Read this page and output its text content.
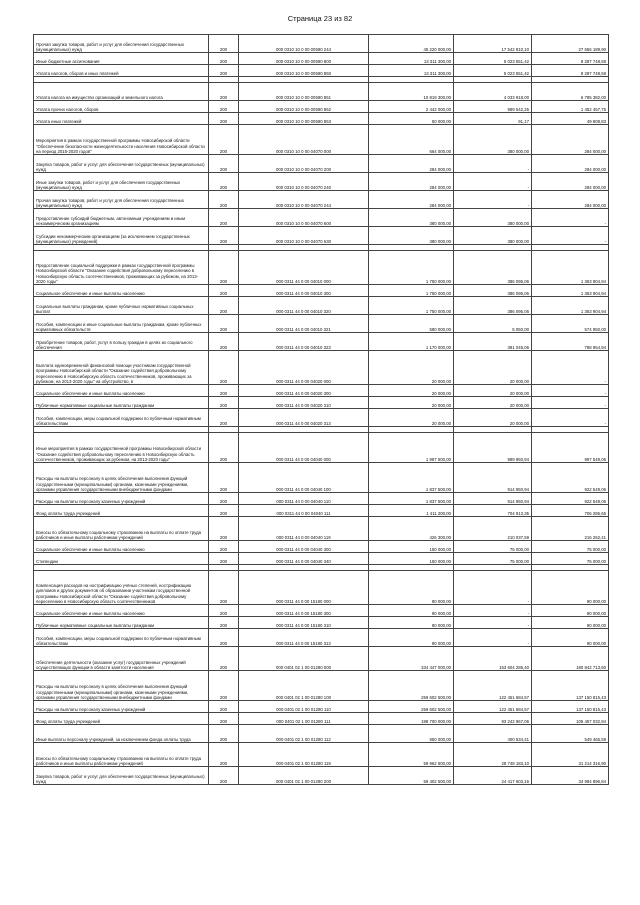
Страница 23 из 82
Прочая закупка товаров, работ и услуг для обеспечения государственных (муниципальных) нужд	200	000 0310 10 0 00 00590 244	45 220 000,00	17 542 810,10	27 656 189,90
Иные бюджетные ассигнования	200	000 0310 10 0 00 00590 800	13 311 300,00	5 023 551,42	8 287 748,58
Уплата налогов, сборов и иных платежей	200	000 0310 10 0 00 00590 850	13 311 300,00	5 023 551,42	8 287 748,58

Уплата налога на имущество организаций и земельного налога	200	000 0310 10 0 00 00590 851	10 819 300,00	4 033 918,00	6 785 382,00
Уплата прочих налогов, сборов	200	000 0310 10 0 00 00590 852	2 442 000,00	989 542,25	1 452 457,75
Уплата иных платежей	200	000 0310 10 0 00 00590 853	50 000,00	91,17	49 908,83
Мероприятия в рамках государственной программы Новосибирской области "Обеспечение безопасности жизнедеятельности населения Новосибирской области на период 2015-2020 годов"	200	000 0310 10 0 00 04070 000	664 000,00	380 000,00	284 000,00
Закупка товаров, работ и услуг для обеспечения государственных (муниципальных) нужд	200	000 0310 10 0 00 04070 200	284 000,00	-	284 000,00
Иные закупки товаров, работ и услуг для обеспечения государственных (муниципальных) нужд	200	000 0310 10 0 00 04070 240	284 000,00	-	284 000,00
Прочая закупка товаров, работ и услуг для обеспечения государственных (муниципальных) нужд	200	000 0310 10 0 00 04070 244	284 000,00	-	284 000,00
Предоставление субсидий бюджетным, автономным учреждениям и иным некоммерческим организациям	200	000 0310 10 0 00 04070 600	380 000,00	380 000,00	-
Субсидии некоммерческим организациям (за исключением государственных (муниципальных) учреждений)	200	000 0310 10 0 00 04070 630	380 000,00	380 000,00	-

Предоставление социальной поддержки в рамках государственной программы Новосибирской области "Оказание содействия добровольному переселению в Новосибирскую область соотечественников, проживающих за рубежом, на 2013-2020 годы"	200	000 0311 44 0 00 04010 000	1 750 000,00	386 095,06	1 363 904,94
Социальное обеспечение и иные выплаты населению	200	000 0311 44 0 00 04010 300	1 750 000,00	386 095,06	1 363 904,94
Социальные выплаты гражданам, кроме публичных нормативных социальных выплат	200	000 0311 44 0 00 04010 320	1 750 000,00	386 095,06	1 363 904,94
Пособия, компенсации и иные социальные выплаты гражданам, кроме публичных нормативных обязательств	200	000 0311 44 0 00 04010 321	580 000,00	5 050,00	574 950,00
Приобретение товаров, работ, услуг в пользу граждан в целях их социального обеспечения	200	000 0311 44 0 00 04010 323	1 170 000,00	381 045,06	788 954,94
Выплата единовременной финансовой помощи участникам государственной программы Новосибирской области "Оказание содействия добровольному переселению в Новосибирскую область соотечественников, проживающих за рубежом, на 2013-2020 годы" на обустройство, в	200	000 0311 44 0 00 04020 000	20 000,00	20 000,00	-
Социальное обеспечение и иные выплаты населению	200	000 0311 44 0 00 04020 300	20 000,00	20 000,00	-
Публичные нормативные социальные выплаты гражданам	200	000 0311 44 0 00 04020 310	20 000,00	20 000,00	-
Пособия, компенсации, меры социальной поддержки по публичным нормативным обязательствам	200	000 0311 44 0 00 04020 313	20 000,00	20 000,00	-

Иные мероприятия в рамках государственной программы Новосибирской области "Оказание содействия добровольному переселению в Новосибирскую область соотечественников, проживающих за рубежом, на 2013-2020 годы"	200	000 0311 44 0 00 04040 000	1 987 500,00	989 950,94	997 549,06
Расходы на выплаты персоналу в целях обеспечения выполнения функций государственными (муниципальными) органами, казенными учреждениями, органами управления государственными внебюджетными фондами	200	000 0311 44 0 00 04040 100	1 837 500,00	914 950,94	922 549,06
Расходы на выплаты персоналу казенных учреждений	200	000 0311 44 0 00 04040 110	1 837 500,00	914 950,94	922 549,06
Фонд оплаты труда учреждений	200	000 0311 44 0 00 04040 111	1 411 200,00	704 913,35	706 286,65
Взносы по обязательному социальному страхованию на выплаты по оплате труда работников и иные выплаты работникам учреждений	200	000 0311 44 0 00 04040 119	426 300,00	210 037,59	216 262,41
Социальное обеспечение и иные выплаты населению	200	000 0311 44 0 00 04040 300	150 000,00	75 000,00	75 000,00
Стипендии	200	000 0311 44 0 00 04040 340	150 000,00	75 000,00	75 000,00

Компенсация расходов на нострификацию учёных степеней, нострификацию дипломов и других документов об образовании участникам государственной программы Новосибирской области "Оказание содействия добровольному переселению в Новосибирскую область соотечественников	200	000 0311 44 0 00 15180 000	90 000,00	-	90 000,00
Социальное обеспечение и иные выплаты населению	200	000 0311 44 0 00 15180 300	90 000,00	-	90 000,00
Публичные нормативные социальные выплаты гражданам	200	000 0311 44 0 00 15180 310	90 000,00	-	90 000,00
Пособия, компенсации, меры социальной поддержки по публичным нормативным обязательствам	200	000 0311 44 0 00 15180 313	90 000,00	-	90 000,00
Обеспечение деятельности (оказание услуг) государственных учреждений осуществляющих функции в области занятости населения	200	000 0401 02 1 00 01280 000	334 447 000,00	153 604 286,40	180 842 713,60
Расходы на выплаты персоналу в целях обеспечения выполнения функций государственными (муниципальными) органами, казенными учреждениями, органами управления государственными внебюджетными фондами	200	000 0401 02 1 00 01280 100	259 602 500,00	122 451 684,57	137 150 815,43
Расходы на выплаты персоналу казенных учреждений	200	000 0401 02 1 00 01280 110	259 602 500,00	122 451 684,57	137 150 815,43
Фонд оплаты труда учреждений	200	000 0401 02 1 00 01280 111	198 700 000,00	93 242 967,06	105 457 032,94
Иные выплаты персоналу учреждений, за исключением фонда оплаты труда	200	000 0401 02 1 00 01280 112	950 000,00	400 534,41	549 465,59
Взносы по обязательному социальному страхованию на выплаты по оплате труда работников и иные выплаты работникам учреждений	200	000 0401 02 1 00 01280 119	59 962 500,00	28 748 183,10	31 214 316,90
Закупка товаров, работ и услуг для обеспечения государственных (муниципальных) нужд	200	000 0401 02 1 00 01280 200	59 402 500,00	24 417 603,16	34 984 896,84
